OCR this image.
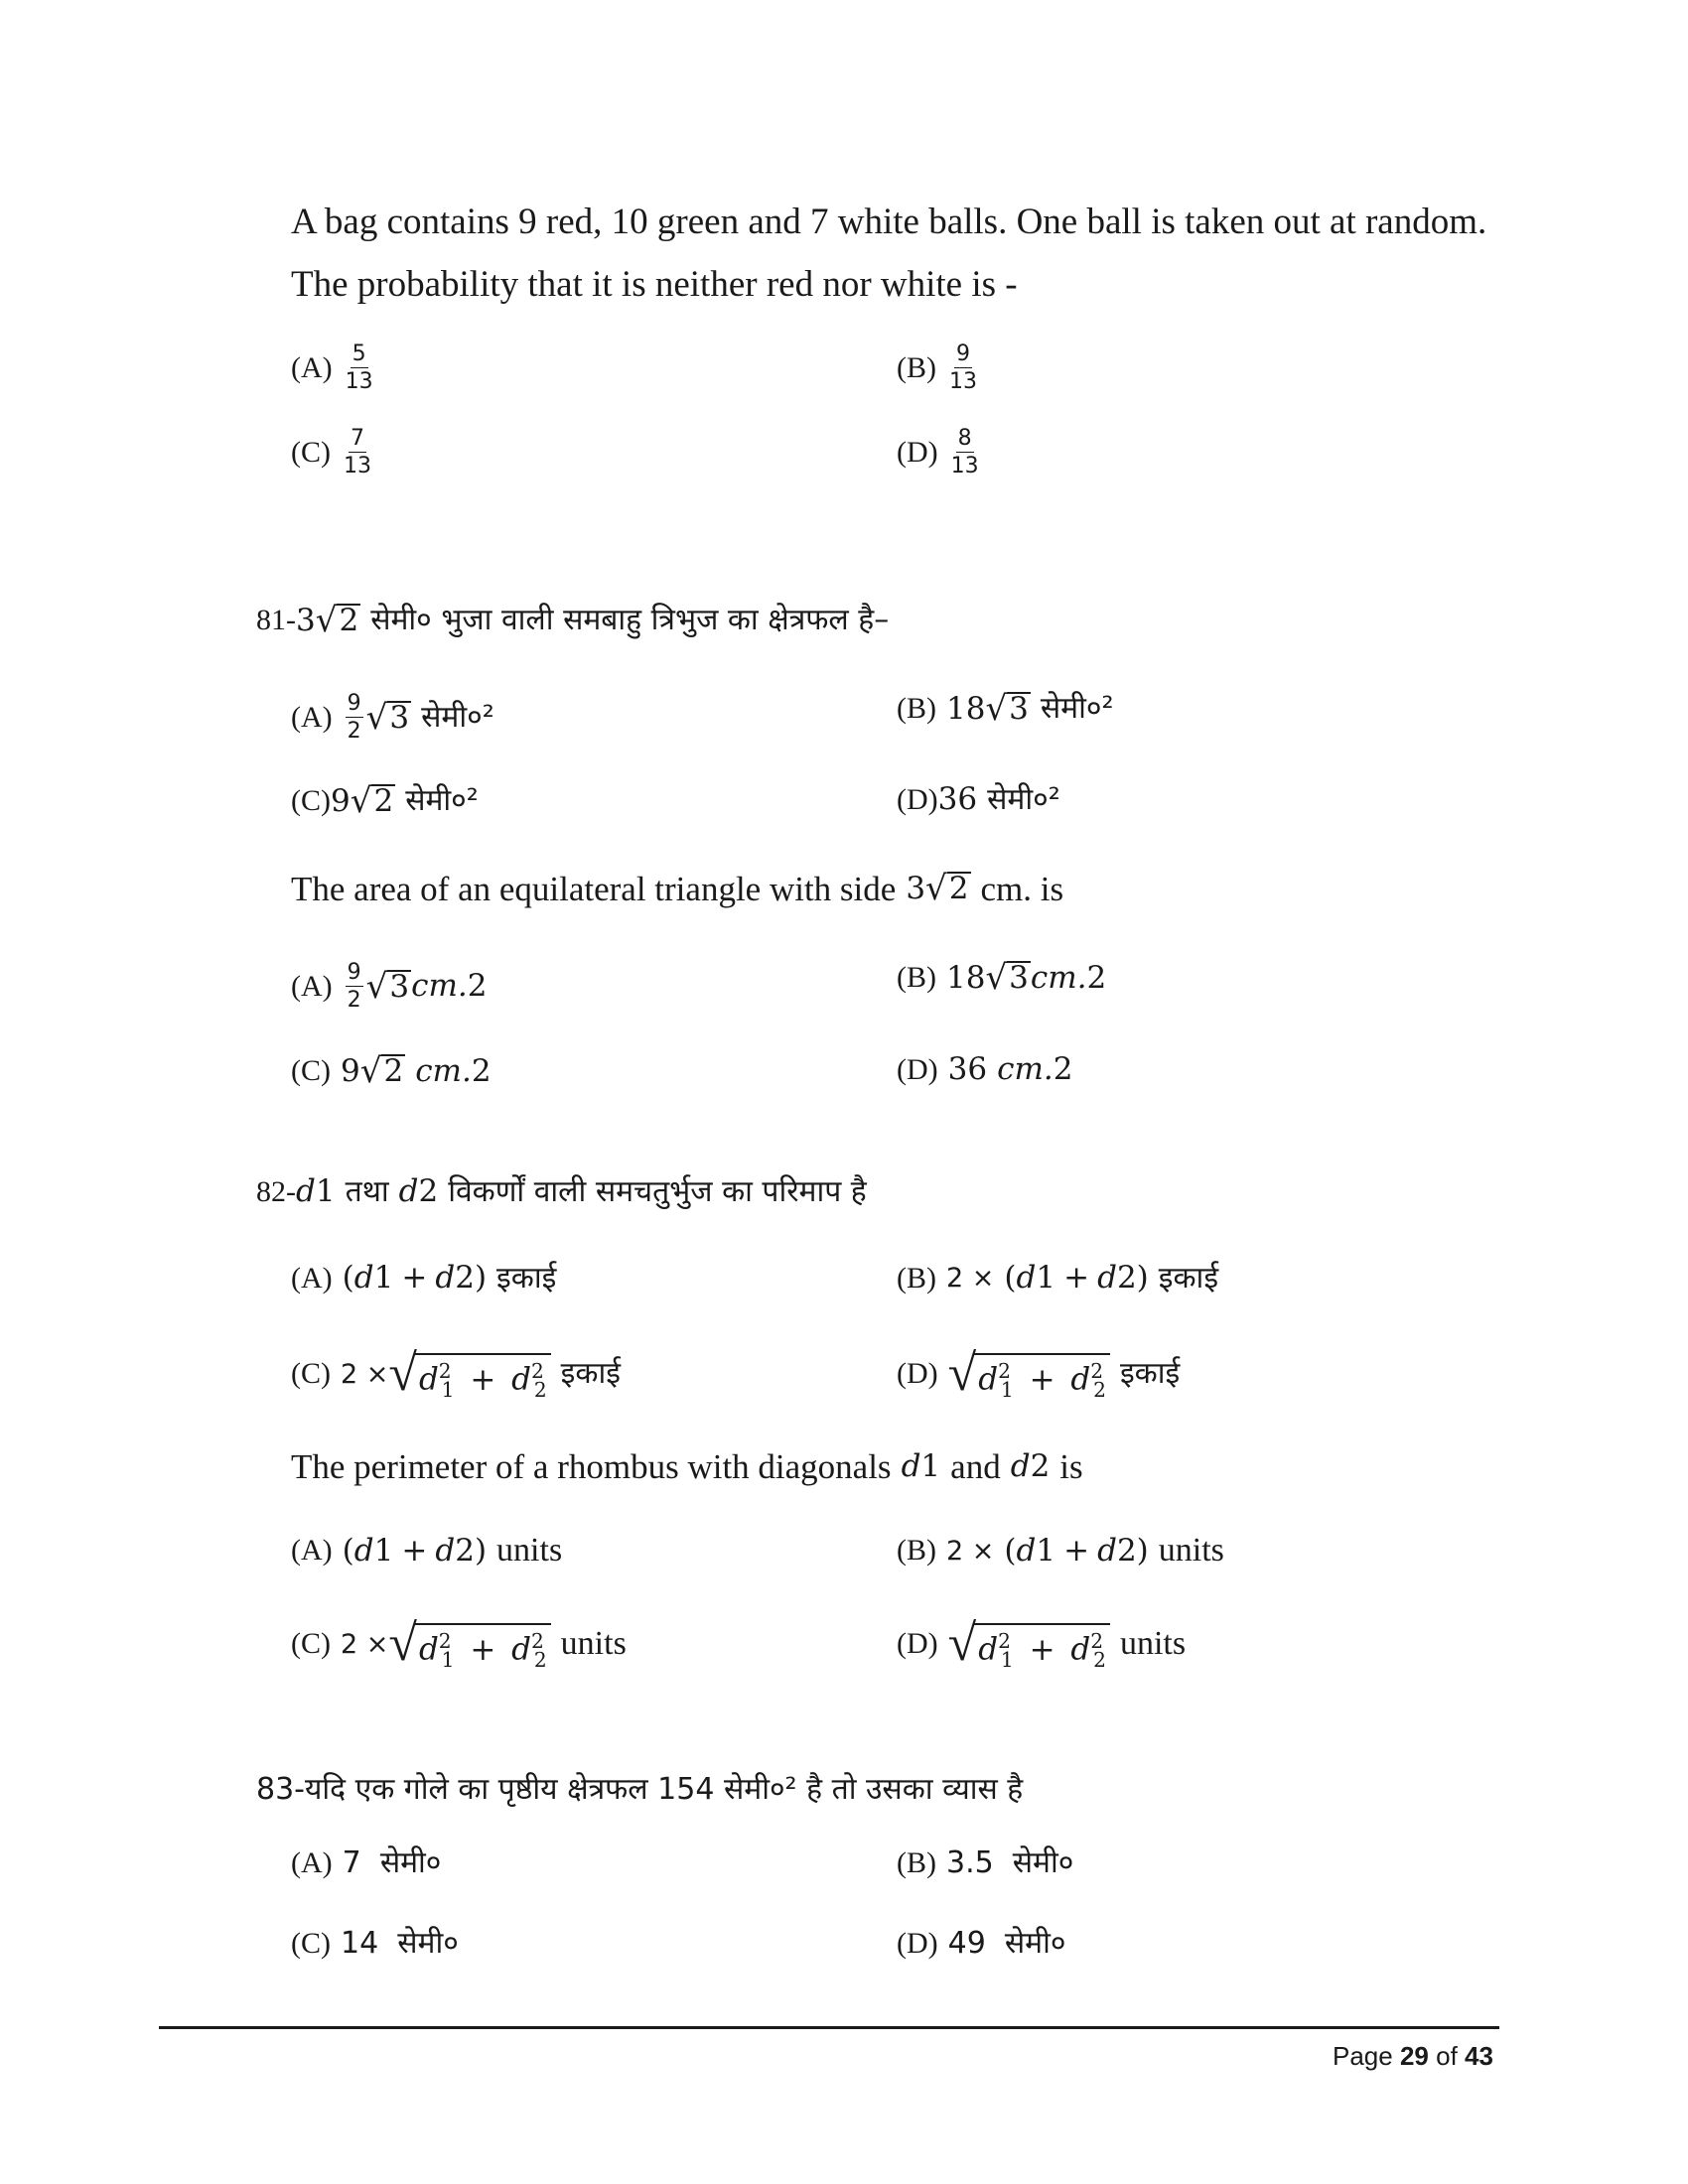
A bag contains 9 red, 10 green and 7 white balls. One ball is taken out at random.
The probability that it is neither red nor white is -
$(A) \frac{5}{13}$	$(B) \frac{9}{13}$
$(C) \frac{7}{13}$	$(D) \frac{8}{13}$
81- 3 √ 2 सेमी० भुजा वाली समबाहु त्रिभुज का क्षेत्रफल है–
$(A) \frac{9}{2}$ √ 3 सेमी०²	(B) 18 √ 3 सेमी०²
(C) 9 √ 2 सेमी०²	(D) 36 सेमी०²
The area of an equilateral triangle with side 3 √ 2 cm. is
$(A) \frac{9}{2}$ √ 3 cm. 2	(B) 18 √ 3 cm. 2
(C) 9 √ 2 cm. 2	(D) 36 cm. 2
82- d 1 तथा d 2 विकर्णों वाली समचतुर्भुज का परिमाप है
(A) ( d 1 + d 2 ) इकाई	(B) 2 × ( d 1 + d 2 ) इकाई
(C) 2 × √ $d^2_1 + d^2_2$ इकाई	(D) √ $d^2_1 + d^2_2$ इकाई
The perimeter of a rhombus with diagonals d 1 and d 2 is
(A) ( d 1 + d 2 ) units	(B) 2 × ( d 1 + d 2 ) units
(C) 2 × √ $d^2_1 + d^2_2$ units	(D) √ $d^2_1 + d^2_2$ units
83-यदि एक गोले का पृष्ठीय क्षेत्रफल 154 सेमी०² है तो उसका व्यास है
(A) 7  सेमी०	(B) 3.5  सेमी०
(C) 14  सेमी०	(D) 49  सेमी०
Page 29 of 43
